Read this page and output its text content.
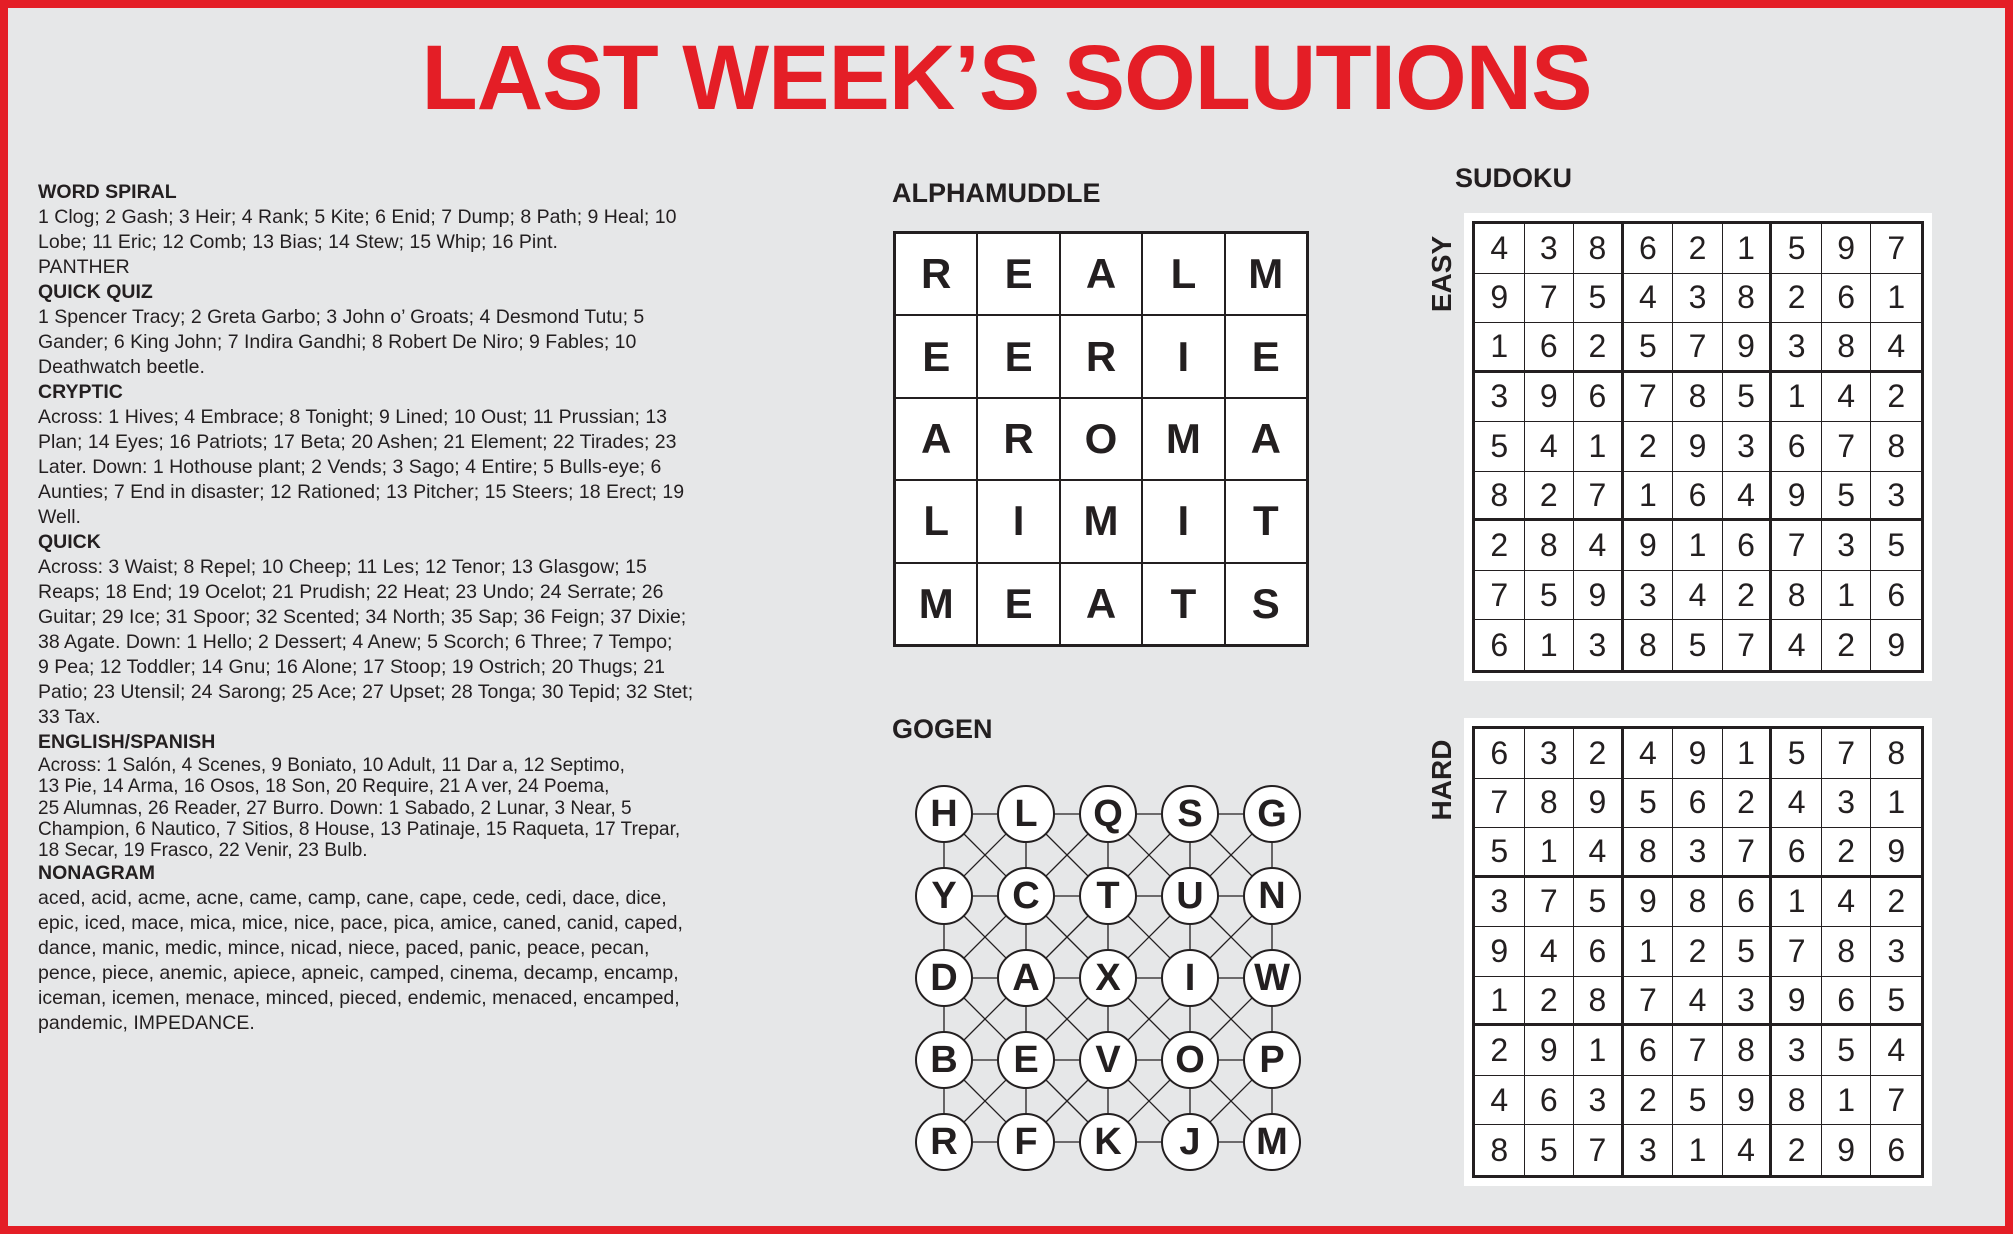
LAST WEEK’S SOLUTIONS
WORD SPIRAL
1 Clog; 2 Gash; 3 Heir; 4 Rank; 5 Kite; 6 Enid; 7 Dump; 8 Path; 9 Heal; 10
Lobe; 11 Eric; 12 Comb; 13 Bias; 14 Stew; 15 Whip; 16 Pint.
PANTHER
QUICK QUIZ
1 Spencer Tracy; 2 Greta Garbo; 3 John o’ Groats; 4 Desmond Tutu; 5
Gander; 6 King John; 7 Indira Gandhi; 8 Robert De Niro; 9 Fables; 10
Deathwatch beetle.
CRYPTIC
Across: 1 Hives; 4 Embrace; 8 Tonight; 9 Lined; 10 Oust; 11 Prussian; 13
Plan; 14 Eyes; 16 Patriots; 17 Beta; 20 Ashen; 21 Element; 22 Tirades; 23
Later. Down: 1 Hothouse plant; 2 Vends; 3 Sago; 4 Entire; 5 Bulls-eye; 6
Aunties; 7 End in disaster; 12 Rationed; 13 Pitcher; 15 Steers; 18 Erect; 19
Well.
QUICK
Across: 3 Waist; 8 Repel; 10 Cheep; 11 Les; 12 Tenor; 13 Glasgow; 15
Reaps; 18 End; 19 Ocelot; 21 Prudish; 22 Heat; 23 Undo; 24 Serrate; 26
Guitar; 29 Ice; 31 Spoor; 32 Scented; 34 North; 35 Sap; 36 Feign; 37 Dixie;
38 Agate. Down: 1 Hello; 2 Dessert; 4 Anew; 5 Scorch; 6 Three; 7 Tempo;
9 Pea; 12 Toddler; 14 Gnu; 16 Alone; 17 Stoop; 19 Ostrich; 20 Thugs; 21
Patio; 23 Utensil; 24 Sarong; 25 Ace; 27 Upset; 28 Tonga; 30 Tepid; 32 Stet;
33 Tax.
ENGLISH/SPANISH
Across: 1 Salón, 4 Scenes, 9 Boniato, 10 Adult, 11 Dar a, 12 Septimo,
13 Pie, 14 Arma, 16 Osos, 18 Son, 20 Require, 21 A ver, 24 Poema,
25 Alumnas, 26 Reader, 27 Burro. Down: 1 Sabado, 2 Lunar, 3 Near, 5
Champion, 6 Nautico, 7 Sitios, 8 House, 13 Patinaje, 15 Raqueta, 17 Trepar,
18 Secar, 19 Frasco, 22 Venir, 23 Bulb.
NONAGRAM
aced, acid, acme, acne, came, camp, cane, cape, cede, cedi, dace, dice,
epic, iced, mace, mica, mice, nice, pace, pica, amice, caned, canid, caped,
dance, manic, medic, mince, nicad, niece, paced, panic, peace, pecan,
pence, piece, anemic, apiece, apneic, camped, cinema, decamp, encamp,
iceman, icemen, menace, minced, pieced, endemic, menaced, encamped,
pandemic, IMPEDANCE.
ALPHAMUDDLE
R	E	A	L	M
E	E	R	I	E
A	R	O	M	A
L	I	M	I	T
M	E	A	T	S
GOGEN
H	L	Q	S	G
Y	C	T	U	N
D	A	X	I	W
B	E	V	O	P
R	F	K	J	M
SUDOKU
EASY	4 3 8	6 2 1	5 9	7
9 7 5	4 3 8	2 6	1
1 6 2	5 7 9	3 8	4
3 9 6	7 8 5	1 4	2
5 4 1	2 9 3	6 7	8
8 2 7	1 6 4	9 5	3
2 8 4	9 1 6	7 3	5
7 5 9	3 4 2	8 1	6
6 1 3	8 5 7	4 2	9
HARD	6 3 2	4 9 1	5 7	8
7 8 9	5 6 2	4 3	1
5 1 4	8 3 7	6 2	9
3 7 5	9 8 6	1 4	2
9 4 6	1 2 5	7 8	3
1 2 8	7 4 3	9 6	5
2 9 1	6 7 8	3 5	4
4 6 3	2 5 9	8 1	7
8 5 7	3 1 4	2 9	6
